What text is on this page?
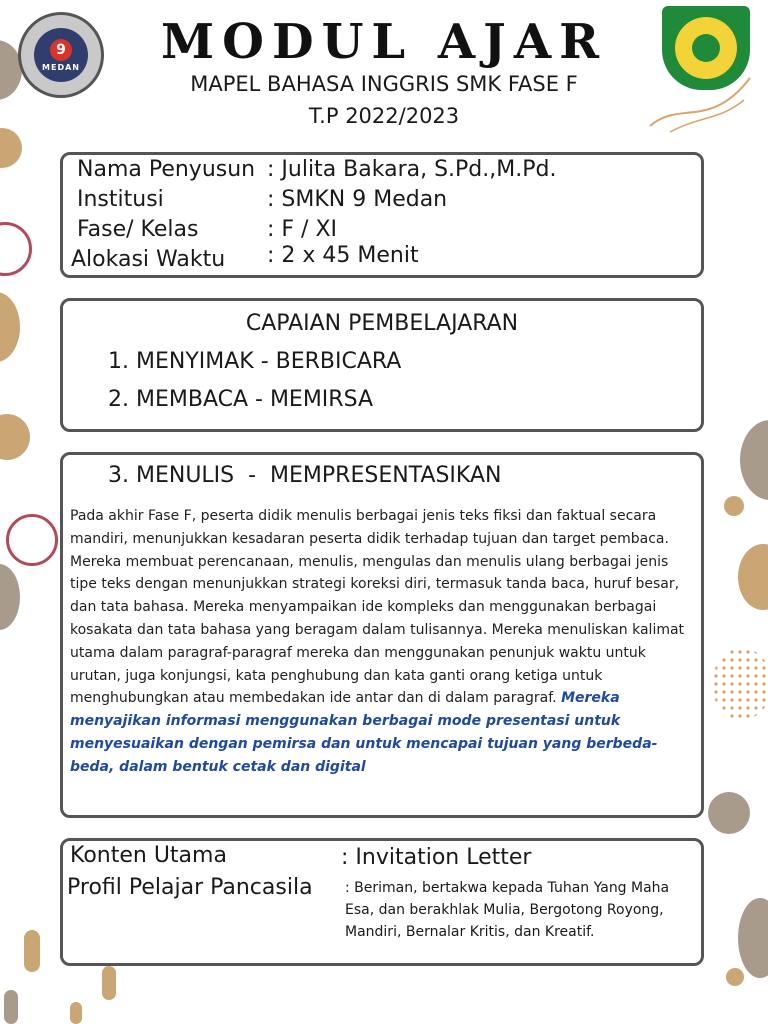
9
MEDAN	MODUL AJAR
MAPEL BAHASA INGGRIS SMK FASE F
T.P 2022/2023
Nama Penyusun : Julita Bakara, S.Pd.,M.Pd.
Institusi	: SMKN 9 Medan
Fase/ Kelas	: F / XI
Alokasi Waktu : 2 x 45 Menit
CAPAIAN PEMBELAJARAN
1. MENYIMAK - BERBICARA
2. MEMBACA - MEMIRSA
3. MENULIS  -  MEMPRESENTASIKAN
Pada akhir Fase F, peserta didik menulis berbagai jenis teks fiksi dan faktual secara mandiri, menunjukkan kesadaran peserta didik terhadap tujuan dan target pembaca. Mereka membuat perencanaan, menulis, mengulas dan menulis ulang berbagai jenis tipe teks dengan menunjukkan strategi koreksi diri, termasuk tanda baca, huruf besar, dan tata bahasa. Mereka menyampaikan ide kompleks dan menggunakan berbagai kosakata dan tata bahasa yang beragam dalam tulisannya. Mereka menuliskan kalimat utama dalam paragraf-paragraf mereka dan menggunakan penunjuk waktu untuk urutan, juga konjungsi, kata penghubung dan kata ganti orang ketiga untuk menghubungkan atau membedakan ide antar dan di dalam paragraf. Mereka menyajikan informasi menggunakan berbagai mode presentasi untuk menyesuaikan dengan pemirsa dan untuk mencapai tujuan yang berbeda-beda, dalam bentuk cetak dan digital
Konten Utama	: Invitation Letter
Profil Pelajar Pancasila : Beriman, bertakwa kepada Tuhan Yang Maha Esa, dan berakhlak Mulia, Bergotong Royong, Mandiri, Bernalar Kritis, dan Kreatif.
